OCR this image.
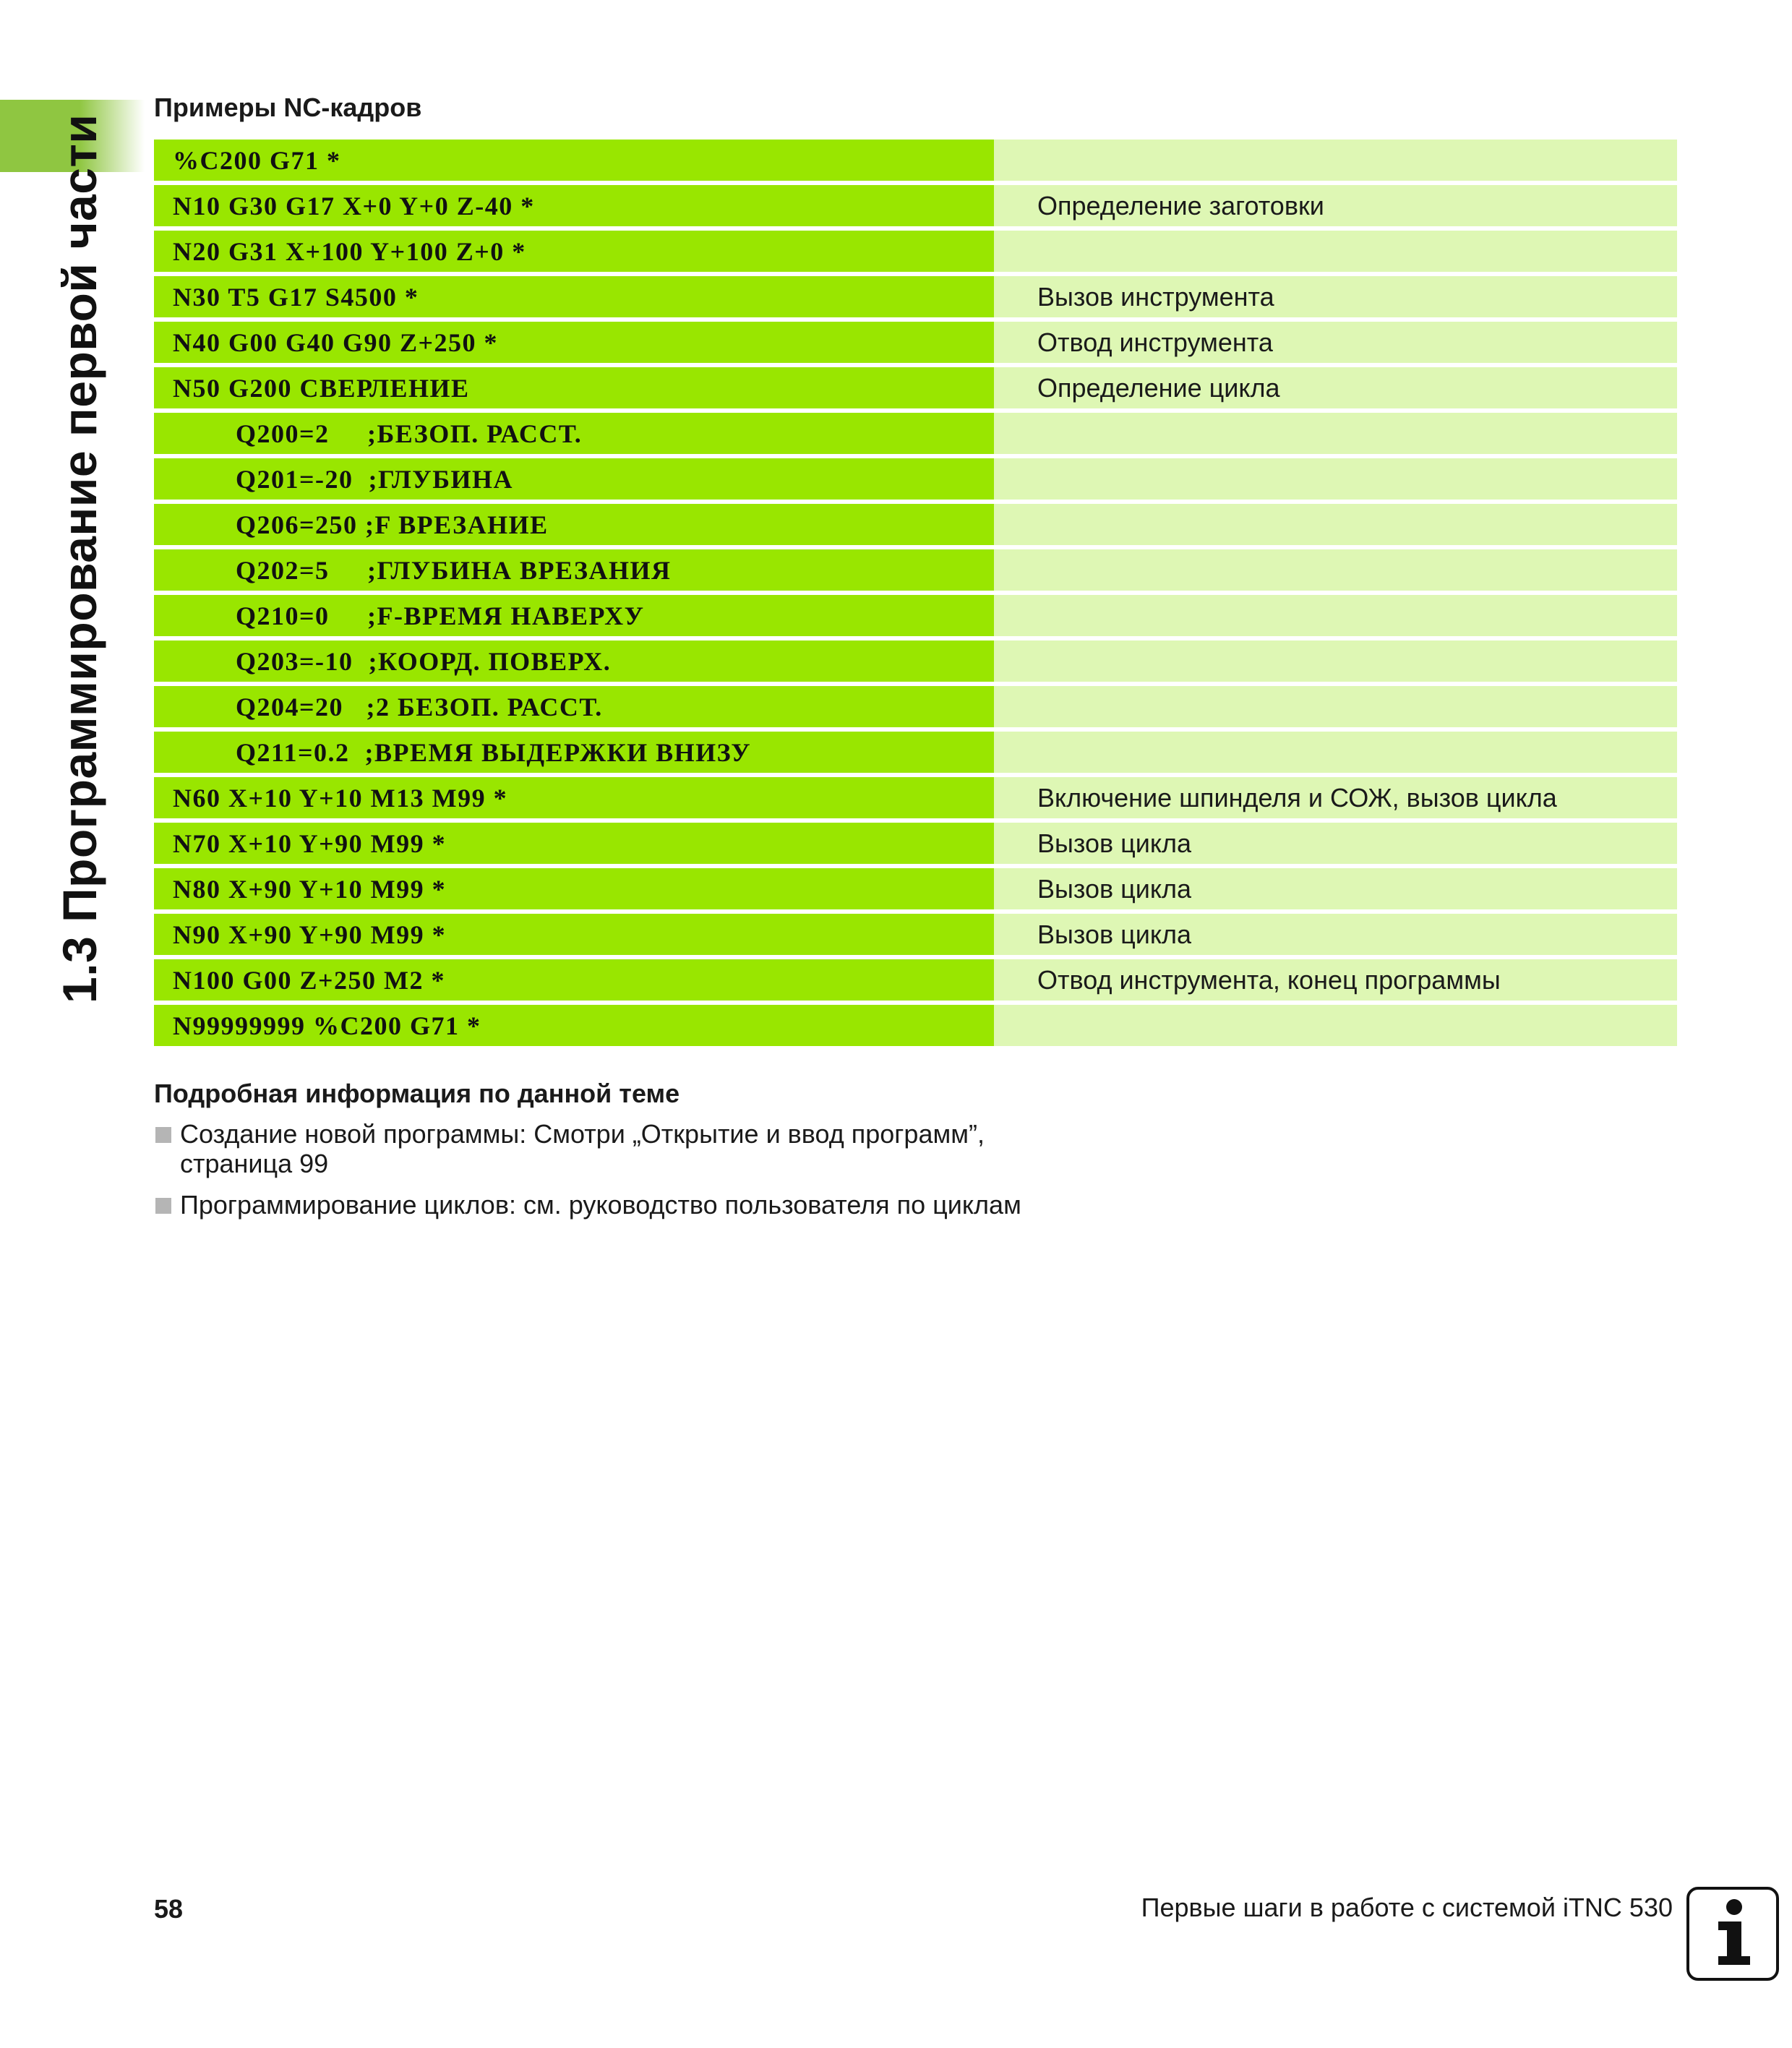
1.3 Программирование первой части
Примеры NC-кадров
%C200 G71 *
N10 G30 G17 X+0 Y+0 Z-40 *	Определение заготовки
N20 G31 X+100 Y+100 Z+0 *
N30 T5 G17 S4500 *	Вызов инструмента
N40 G00 G40 G90 Z+250 *	Отвод инструмента
N50 G200 СВЕРЛЕНИЕ	Определение цикла
Q200=2     ;БЕЗОП. РАССТ.
Q201=-20  ;ГЛУБИНА
Q206=250 ;F ВРЕЗАНИЕ
Q202=5     ;ГЛУБИНА ВРЕЗАНИЯ
Q210=0     ;F-ВРЕМЯ НАВЕРХУ
Q203=-10  ;КООРД. ПОВЕРХ.
Q204=20   ;2 БЕЗОП. РАССТ.
Q211=0.2  ;ВРЕМЯ ВЫДЕРЖКИ ВНИЗУ
N60 X+10 Y+10 M13 M99 *	Включение шпинделя и СОЖ, вызов цикла
N70 X+10 Y+90 M99 *	Вызов цикла
N80 X+90 Y+10 M99 *	Вызов цикла
N90 X+90 Y+90 M99 *	Вызов цикла
N100 G00 Z+250 M2 *	Отвод инструмента, конец программы
N99999999 %C200 G71 *
Подробная информация по данной теме
Создание новой программы: Смотри „Открытие и ввод программ”, страница 99
Программирование циклов: см. руководство пользователя по циклам
58	Первые шаги в работе с системой iTNC 530
